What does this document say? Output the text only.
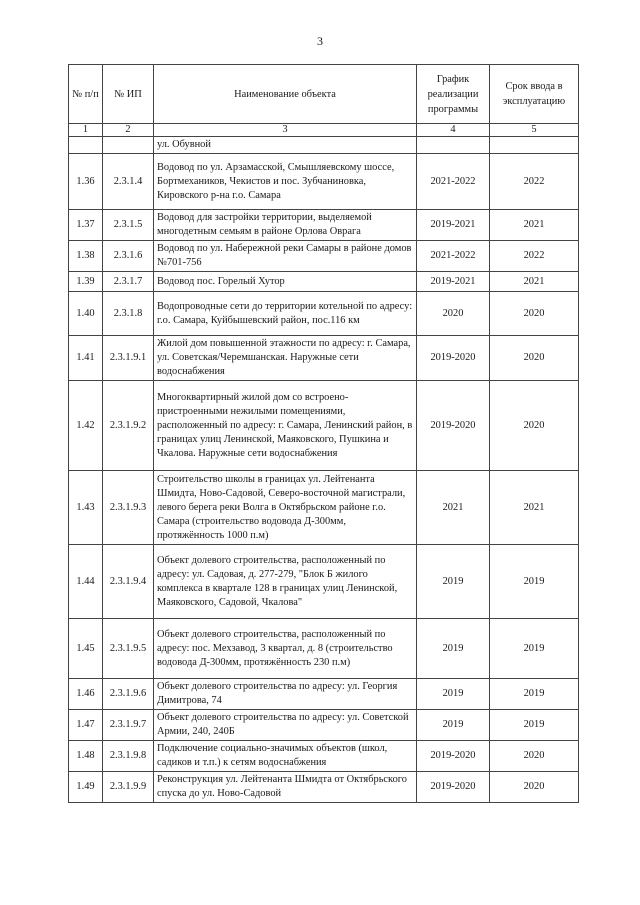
3
№ п/п	№ ИП	Наименование объекта	График реализации программы	Срок ввода в эксплуатацию
1	2	3	4	5
		ул. Обувной		
1.36	2.3.1.4	Водовод по ул. Арзамасской, Смышляевскому шоссе, Бортмехаников, Чекистов и пос. Зубчаниновка, Кировского р-на г.о. Самара	2021-2022	2022
1.37	2.3.1.5	Водовод для застройки территории, выделяемой многодетным семьям в районе Орлова Оврага	2019-2021	2021
1.38	2.3.1.6	Водовод по ул. Набережной реки Самары в районе домов №701-756	2021-2022	2022
1.39	2.3.1.7	Водовод пос. Горелый Хутор	2019-2021	2021
1.40	2.3.1.8	Водопроводные сети до территории котельной по адресу: г.о. Самара, Куйбышевский район, пос.116 км	2020	2020
1.41	2.3.1.9.1	Жилой дом повышенной этажности по адресу: г. Самара, ул. Советская/Черемшанская. Наружные сети водоснабжения	2019-2020	2020
1.42	2.3.1.9.2	Многоквартирный жилой дом со встроено-пристроенными нежилыми помещениями, расположенный по адресу: г. Самара, Ленинский район, в границах улиц Ленинской, Маяковского, Пушкина и Чкалова. Наружные сети водоснабжения	2019-2020	2020
1.43	2.3.1.9.3	Строительство школы в границах ул. Лейтенанта Шмидта, Ново-Садовой, Северо-восточной магистрали, левого берега реки Волга в Октябрьском районе г.о. Самара (строительство водовода Д-300мм, протяжённость 1000 п.м)	2021	2021
1.44	2.3.1.9.4	Объект долевого строительства, расположенный по адресу: ул. Садовая, д. 277-279, "Блок Б жилого комплекса в квартале 128 в границах улиц Ленинской, Маяковского, Садовой, Чкалова"	2019	2019
1.45	2.3.1.9.5	Объект долевого строительства, расположенный по адресу: пос. Мехзавод, 3 квартал, д. 8 (строительство водовода Д-300мм, протяжённость 230 п.м)	2019	2019
1.46	2.3.1.9.6	Объект долевого строительства по адресу: ул. Георгия Димитрова, 74	2019	2019
1.47	2.3.1.9.7	Объект долевого строительства по адресу: ул. Советской Армии, 240, 240Б	2019	2019
1.48	2.3.1.9.8	Подключение социально-значимых объектов (школ, садиков и т.п.) к сетям водоснабжения	2019-2020	2020
1.49	2.3.1.9.9	Реконструкция ул. Лейтенанта Шмидта от Октябрьского спуска до ул. Ново-Садовой	2019-2020	2020
